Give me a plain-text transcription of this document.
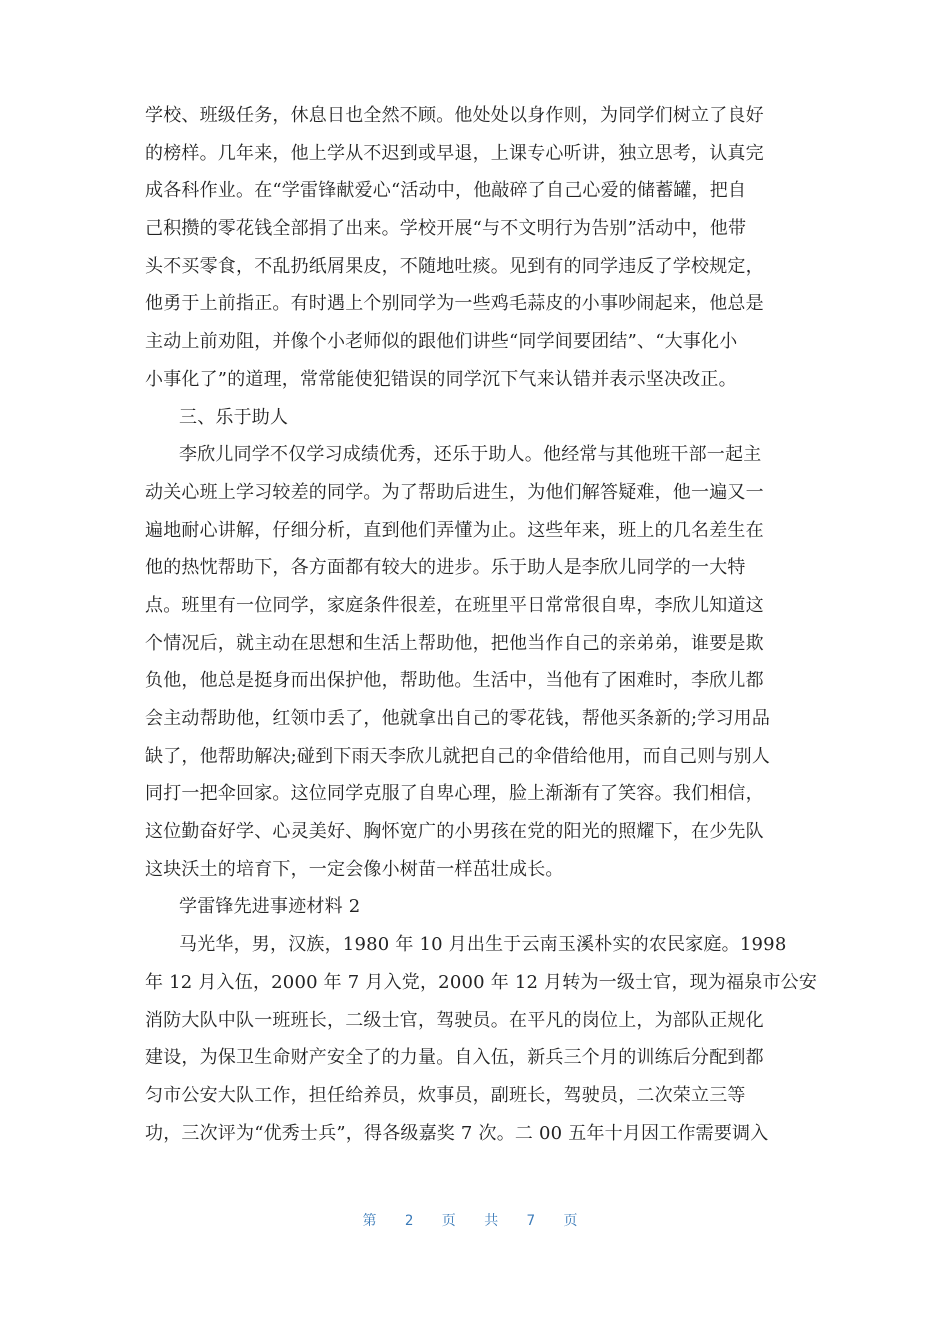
学校、班级任务，休息日也全然不顾。他处处以身作则，为同学们树立了良好
的榜样。几年来，他上学从不迟到或早退，上课专心听讲，独立思考，认真完
成各科作业。在“学雷锋献爱心“活动中，他敲碎了自己心爱的储蓄罐，把自
己积攒的零花钱全部捐了出来。学校开展“与不文明行为告别”活动中，他带
头不买零食，不乱扔纸屑果皮，不随地吐痰。见到有的同学违反了学校规定，
他勇于上前指正。有时遇上个别同学为一些鸡毛蒜皮的小事吵闹起来，他总是
主动上前劝阻，并像个小老师似的跟他们讲些“同学间要团结”、“大事化小
小事化了”的道理，常常能使犯错误的同学沉下气来认错并表示坚决改正。
三、乐于助人
李欣儿同学不仅学习成绩优秀，还乐于助人。他经常与其他班干部一起主
动关心班上学习较差的同学。为了帮助后进生，为他们解答疑难，他一遍又一
遍地耐心讲解，仔细分析，直到他们弄懂为止。这些年来，班上的几名差生在
他的热忱帮助下，各方面都有较大的进步。乐于助人是李欣儿同学的一大特
点。班里有一位同学，家庭条件很差，在班里平日常常很自卑，李欣儿知道这
个情况后，就主动在思想和生活上帮助他，把他当作自己的亲弟弟，谁要是欺
负他，他总是挺身而出保护他，帮助他。生活中，当他有了困难时，李欣儿都
会主动帮助他，红领巾丢了，他就拿出自己的零花钱，帮他买条新的;学习用品
缺了，他帮助解决;碰到下雨天李欣儿就把自己的伞借给他用，而自己则与别人
同打一把伞回家。这位同学克服了自卑心理，脸上渐渐有了笑容。我们相信，
这位勤奋好学、心灵美好、胸怀宽广的小男孩在党的阳光的照耀下，在少先队
这块沃土的培育下，一定会像小树苗一样茁壮成长。
学雷锋先进事迹材料 2
马光华，男，汉族，1980 年 10 月出生于云南玉溪朴实的农民家庭。1998
年 12 月入伍，2000 年 7 月入党，2000 年 12 月转为一级士官，现为福泉市公安
消防大队中队一班班长，二级士官，驾驶员。在平凡的岗位上，为部队正规化
建设，为保卫生命财产安全了的力量。自入伍，新兵三个月的训练后分配到都
匀市公安大队工作，担任给养员，炊事员，副班长，驾驶员，二次荣立三等
功，三次评为“优秀士兵”，得各级嘉奖 7 次。二 00 五年十月因工作需要调入
第 2 页 共 7 页
